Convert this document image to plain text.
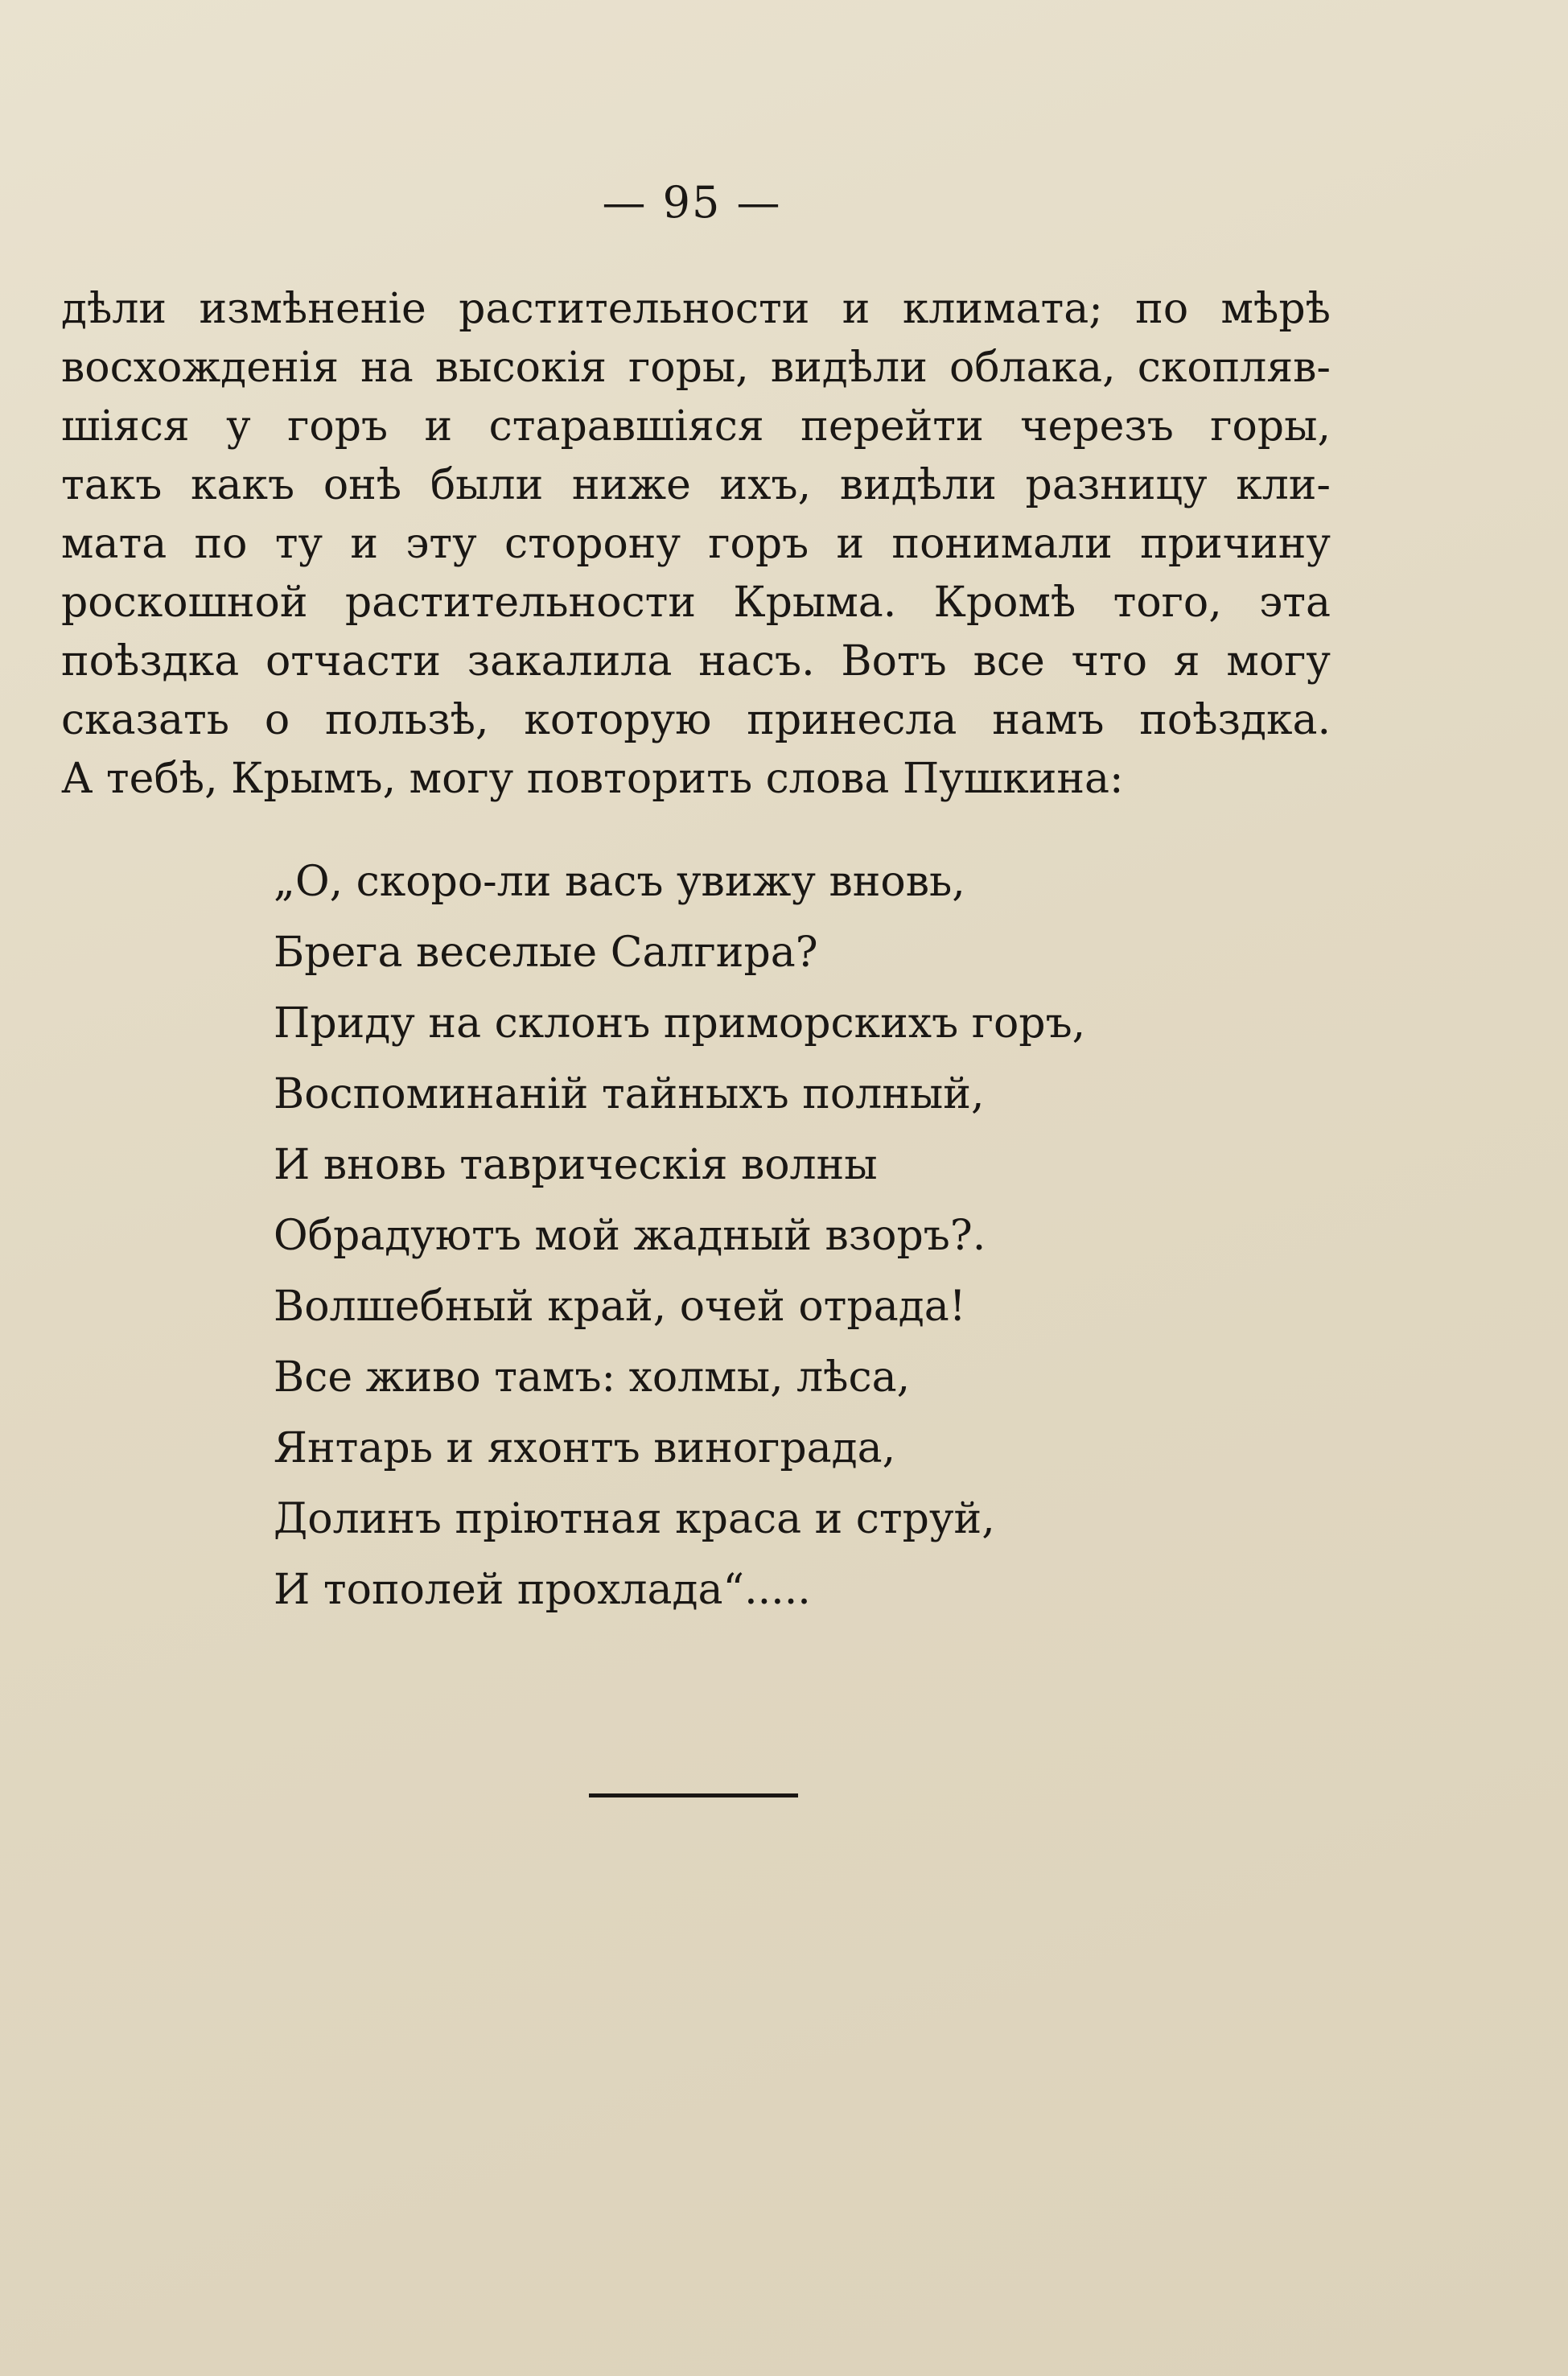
— 95 —
дѣли измѣненіе растительности и климата; по мѣрѣ
восхожденія на высокія горы, видѣли облака, скопляв-
шіяся у горъ и старавшіяся перейти черезъ горы,
такъ какъ онѣ были ниже ихъ, видѣли разницу кли-
мата по ту и эту сторону горъ и понимали причину
роскошной растительности Крыма. Кромѣ того, эта
поѣздка отчасти закалила насъ. Вотъ все что я могу
сказать о пользѣ, которую принесла намъ поѣздка.
А тебѣ, Крымъ, могу повторить слова Пушкина:
„О, скоро-ли васъ увижу вновь,
Брега веселые Салгира?
Приду на склонъ приморскихъ горъ,
Воспоминаній тайныхъ полный,
И вновь таврическія волны
Обрадуютъ мой жадный взоръ?.
Волшебный край, очей отрада!
Все живо тамъ: холмы, лѣса,
Янтарь и яхонтъ винограда,
Долинъ пріютная краса и струй,
И тополей прохлада“.....
